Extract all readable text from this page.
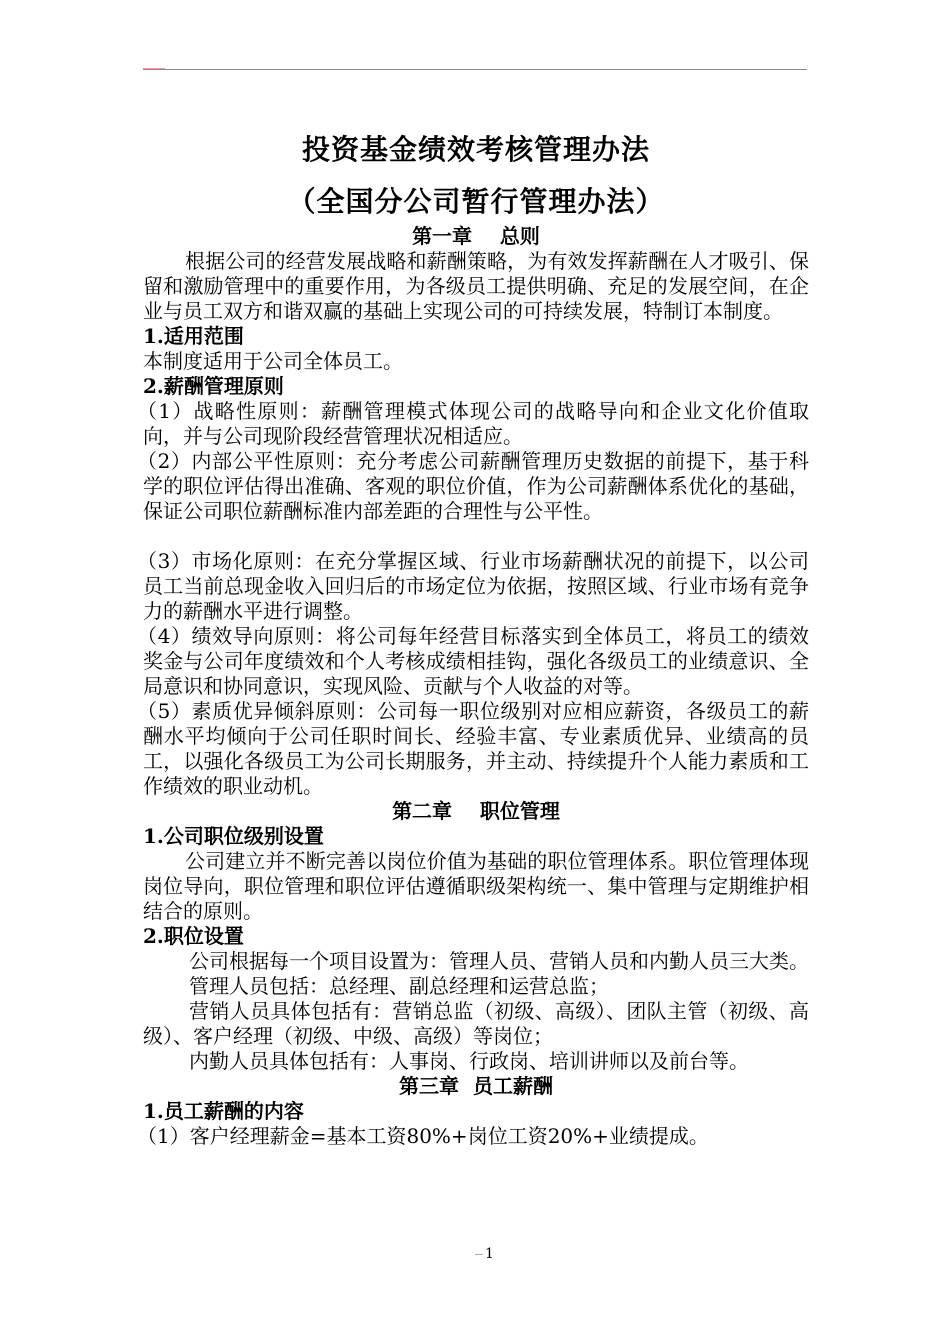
投资基金绩效考核管理办法
（全国分公司暂行管理办法）
第一章    总则

根据公司的经营发展战略和薪酬策略，为有效发挥薪酬在人才吸引、保留和激励管理中的重要作用，为各级员工提供明确、充足的发展空间，在企业与员工双方和谐双赢的基础上实现公司的可持续发展，特制订本制度。

1.适用范围

本制度适用于公司全体员工。

2.薪酬管理原则

（1）战略性原则：薪酬管理模式体现公司的战略导向和企业文化价值取向，并与公司现阶段经营管理状况相适应。

（2）内部公平性原则：充分考虑公司薪酬管理历史数据的前提下，基于科学的职位评估得出准确、客观的职位价值，作为公司薪酬体系优化的基础，保证公司职位薪酬标准内部差距的合理性与公平性。

（3）市场化原则：在充分掌握区域、行业市场薪酬状况的前提下，以公司员工当前总现金收入回归后的市场定位为依据，按照区域、行业市场有竞争力的薪酬水平进行调整。

（4）绩效导向原则：将公司每年经营目标落实到全体员工，将员工的绩效奖金与公司年度绩效和个人考核成绩相挂钩，强化各级员工的业绩意识、全局意识和协同意识，实现风险、贡献与个人收益的对等。

（5）素质优异倾斜原则：公司每一职位级别对应相应薪资，各级员工的薪酬水平均倾向于公司任职时间长、经验丰富、专业素质优异、业绩高的员工，以强化各级员工为公司长期服务，并主动、持续提升个人能力素质和工作绩效的职业动机。

第二章    职位管理
1.公司职位级别设置

公司建立并不断完善以岗位价值为基础的职位管理体系。职位管理体现岗位导向，职位管理和职位评估遵循职级架构统一、集中管理与定期维护相结合的原则。

2.职位设置

公司根据每一个项目设置为：管理人员、营销人员和内勤人员三大类。

管理人员包括：总经理、副总经理和运营总监；

营销人员具体包括有：营销总监（初级、高级）、团队主管（初级、高级）、客户经理（初级、中级、高级）等岗位；

内勤人员具体包括有：人事岗、行政岗、培训讲师以及前台等。

第三章  员工薪酬
1.员工薪酬的内容

（1）客户经理薪金=基本工资80%+岗位工资20%+业绩提成。

1
